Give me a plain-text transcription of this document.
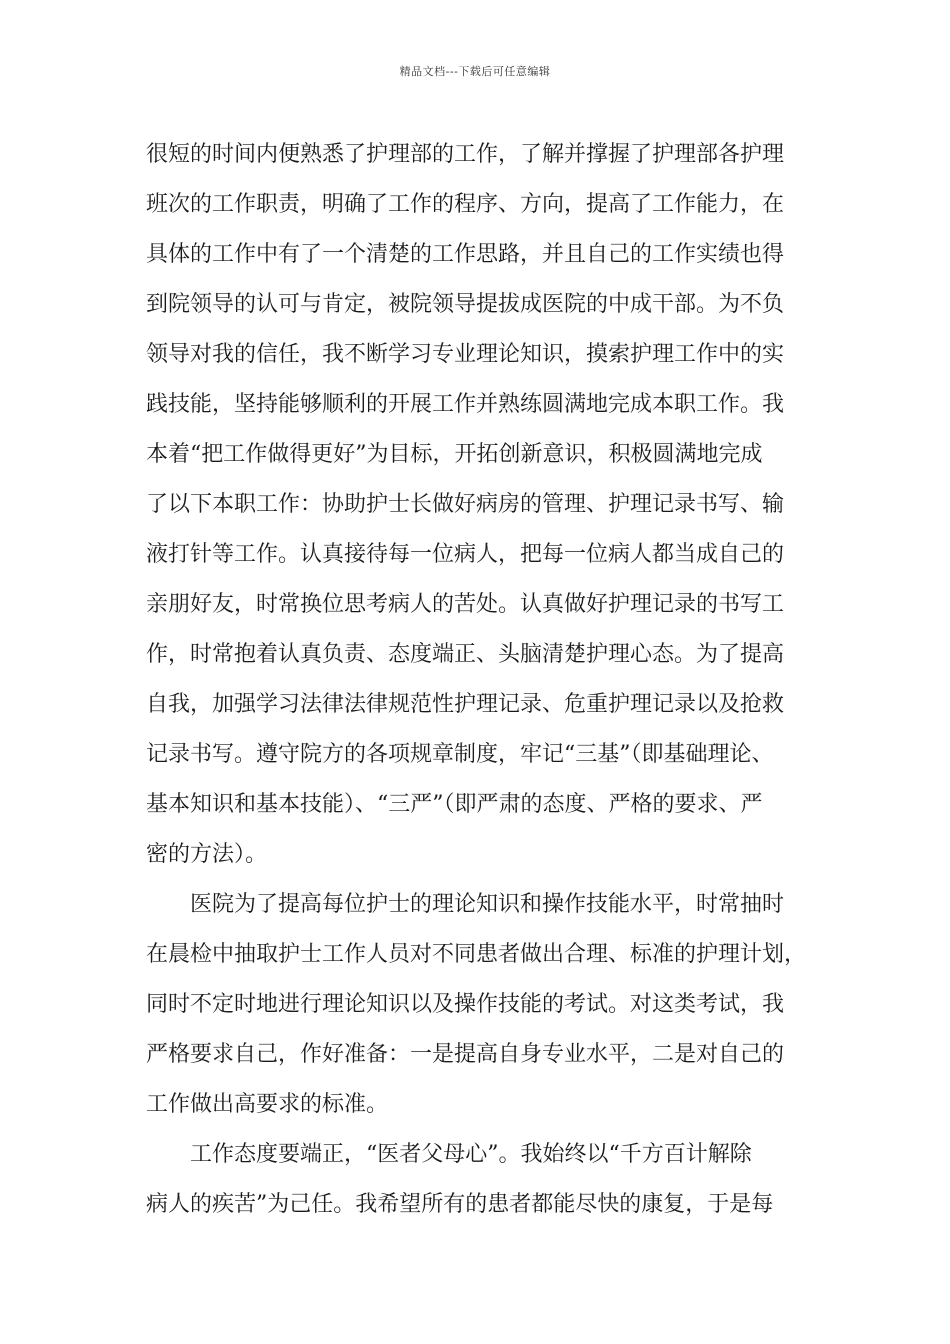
精品文档---下载后可任意编辑
很短的时间内便熟悉了护理部的工作，了解并撑握了护理部各护理
班次的工作职责，明确了工作的程序、方向，提高了工作能力，在
具体的工作中有了一个清楚的工作思路，并且自己的工作实绩也得
到院领导的认可与肯定，被院领导提拔成医院的中成干部。为不负
领导对我的信任，我不断学习专业理论知识，摸索护理工作中的实
践技能，坚持能够顺利的开展工作并熟练圆满地完成本职工作。我
本着“把工作做得更好”为目标，开拓创新意识，积极圆满地完成
了以下本职工作：协助护士长做好病房的管理、护理记录书写、输
液打针等工作。认真接待每一位病人，把每一位病人都当成自己的
亲朋好友，时常换位思考病人的苦处。认真做好护理记录的书写工
作，时常抱着认真负责、态度端正、头脑清楚护理心态。为了提高
自我，加强学习法律法律规范性护理记录、危重护理记录以及抢救
记录书写。遵守院方的各项规章制度，牢记“三基”（即基础理论、
基本知识和基本技能）、“三严”（即严肃的态度、严格的要求、严
密的方法）。
医院为了提高每位护士的理论知识和操作技能水平，时常抽时
在晨检中抽取护士工作人员对不同患者做出合理、标准的护理计划，
同时不定时地进行理论知识以及操作技能的考试。对这类考试，我
严格要求自己，作好准备：一是提高自身专业水平，二是对自己的
工作做出高要求的标准。
工作态度要端正，“医者父母心”。我始终以“千方百计解除
病人的疾苦”为己任。我希望所有的患者都能尽快的康复，于是每
